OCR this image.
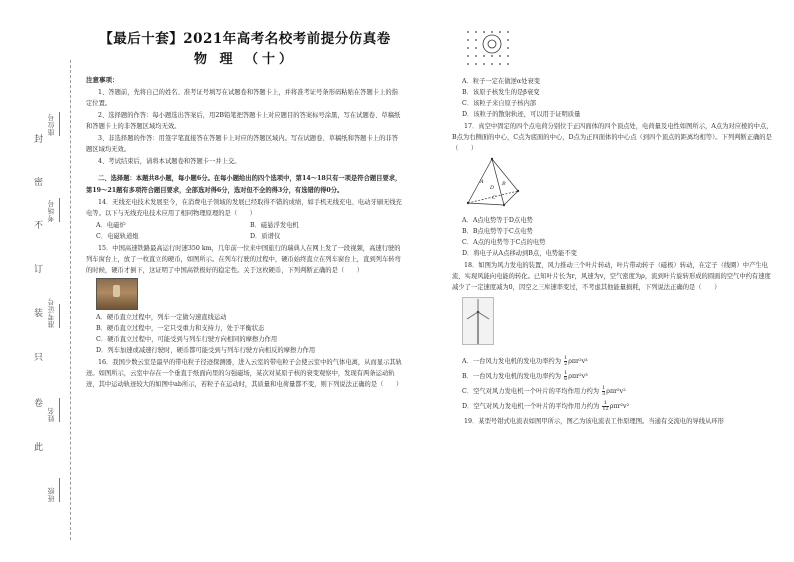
封
密
不
订
装
只
卷
此
座位号
考场号
准考证号
姓名
班级
【最后十套】2021年高考名校考前提分仿真卷
物 理 （十）
注意事项：
1、答题前，先将自己的姓名、准考证号填写在试题卷和答题卡上，并将准考证号条形码粘贴在答题卡上的指定位置。
2、选择题的作答：每小题选出答案后，用2B铅笔把答题卡上对应题目的答案标号涂黑，写在试题卷、草稿纸和答题卡上的非答题区域均无效。
3、非选择题的作答：用签字笔直接答在答题卡上对应的答题区域内。写在试题卷、草稿纸和答题卡上的非答题区域均无效。
4、考试结束后，请将本试题卷和答题卡一并上交。
二、选择题：本题共8小题，每小题6分。在每小题给出的四个选项中，第14～18只有一项是符合题目要求，第19～21题有多项符合题目要求，全部选对得6分，选对但不全的得3分，有选错的得0分。
14．无线充电技术发展至今，在消费电子领域的发展已经取得不错的成绩，如手机无线充电、电动牙刷无线充电等。以下与无线充电技术应用了相同物理原理的是（　　）
A．电磁炉	B．磁悬浮发电机
C．电磁轨道炮	D．质谱仪
15．中国高速铁路最高运行时速350 km，几年前一位来中国旅行的瑞典人在网上发了一段视频，高速行驶的列车窗台上，放了一枚直立的硬币，如图所示。在列车行驶的过程中，硬币始终直立在列车窗台上，直到列车转弯的时候，硬币才倒下，这证明了中国高铁极好的稳定性。关于这枚硬币，下列判断正确的是（　　）
A．硬币直立过程中，列车一定做匀速直线运动
B．硬币直立过程中，一定只受重力和支持力，处于平衡状态
C．硬币直立过程中，可能受到与列车行驶方向相同的摩擦力作用
D．列车加速或减速行驶时，硬币都可能受到与列车行驶方向相反的摩擦力作用
16．我国少数云室是最早的带电粒子径迹探测器，进入云室的带电粒子会使云室中的气体电离，从而显示其轨迹。如图所示，云室中存在一个垂直于纸面向里的匀强磁场，某次对某原子核的衰变观察中，发现有两条运动轨迹，其中运动轨迹较大的如图中ab所示，若粒子在运动时，其质量和电荷量都不变，则下列说法正确的是（　　）
A．粒子一定在做逆α处衰变
B．该原子核发生的是β衰变
C．该粒子来自原子核内部
D．该粒子的散射轨迹，可以用于证明质量
17．真空中固定的四个点电荷分别位于正四面体的四个顶点处，电荷量及电性如图所示，A点为对应棱的中点，B点为右侧面的中心，C点为底面的中心，D点为正四面体的中心点（到四个顶点的距离均相等）。下列判断正确的是（　　）
A	B
C
D
A．A点电势等于D点电势
B．B点电势等于C点电势
C．A点的电势等于C点的电势
D．将电子从A点移动到B点，电势能不变
18．如图为风力发电的装置，风力推动三个叶片转动，叶片带动转子（磁极）转动，在定子（线圈）中产生电流，实现风能向电能的转化。已知叶片长为r，风速为v，空气密度为ρ，流到叶片旋转形成的圆面的空气中约有速度减少了一定速度减为0，因空之三库速率变过，不考虑其他能量损耗，下列说法正确的是（　　）
A．一台风力发电机的发电功率约为 $\frac{1}{2} \rho\pi r^2v^3$
B．一台风力发电机的发电功率约为 $\frac{1}{6} \rho\pi r^2v^3$
C．空气对风力发电机一个叶片的平均作用力约为 $\frac{1}{3} \rho\pi r^2v^2$
D．空气对风力发电机一个叶片的平均作用力约为 $\frac{1}{12} \rho\pi r^2v^2$
19．某型号钳式电流表如图甲所示，图乙为该电流表工作原理图。当通有交流电的导线从环形
